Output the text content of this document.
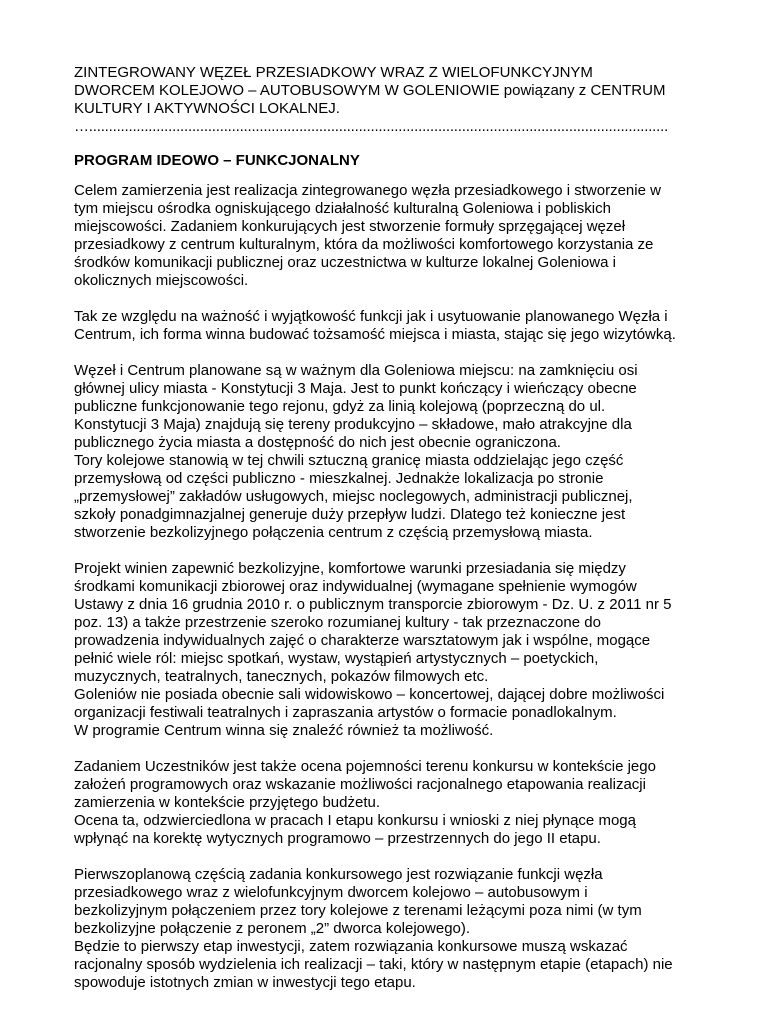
ZINTEGROWANY WĘZEŁ PRZESIADKOWY WRAZ Z WIELOFUNKCYJNYM
DWORCEM KOLEJOWO – AUTOBUSOWYM W GOLENIOWIE powiązany z CENTRUM
KULTURY I AKTYWNOŚCI LOKALNEJ.

…..................................................................................................................................................

PROGRAM IDEOWO – FUNKCJONALNY

Celem zamierzenia jest realizacja zintegrowanego węzła przesiadkowego i stworzenie w
tym miejscu ośrodka ogniskującego działalność kulturalną Goleniowa i pobliskich
miejscowości. Zadaniem konkurujących jest stworzenie formuły sprzęgającej węzeł
przesiadkowy z centrum kulturalnym, która da możliwości komfortowego korzystania ze
środków komunikacji publicznej oraz uczestnictwa w kulturze lokalnej Goleniowa i
okolicznych miejscowości.

Tak ze względu na ważność i wyjątkowość funkcji jak i usytuowanie planowanego Węzła i
Centrum, ich forma winna budować tożsamość miejsca i miasta, stając się jego wizytówką.

Węzeł i Centrum planowane są w ważnym dla Goleniowa miejscu: na zamknięciu osi
głównej ulicy miasta - Konstytucji 3 Maja. Jest to punkt kończący i wieńczący obecne
publiczne funkcjonowanie tego rejonu, gdyż za linią kolejową (poprzeczną do ul.
Konstytucji 3 Maja) znajdują się tereny produkcyjno – składowe, mało atrakcyjne dla
publicznego życia miasta a dostępność do nich jest obecnie ograniczona.
Tory kolejowe stanowią w tej chwili sztuczną granicę miasta oddzielając jego część
przemysłową od części publiczno - mieszkalnej. Jednakże lokalizacja po stronie
„przemysłowej” zakładów usługowych, miejsc noclegowych, administracji publicznej,
szkoły ponadgimnazjalnej generuje duży przepływ ludzi. Dlatego też konieczne jest
stworzenie bezkolizyjnego połączenia centrum z częścią przemysłową miasta.

Projekt winien zapewnić bezkolizyjne, komfortowe warunki przesiadania się między
środkami komunikacji zbiorowej oraz indywidualnej (wymagane spełnienie wymogów
Ustawy z dnia 16 grudnia 2010 r. o publicznym transporcie zbiorowym - Dz. U. z 2011 nr 5
poz. 13) a także przestrzenie szeroko rozumianej kultury - tak przeznaczone do
prowadzenia indywidualnych zajęć o charakterze warsztatowym jak i wspólne, mogące
pełnić wiele ról: miejsc spotkań, wystaw, wystąpień artystycznych – poetyckich,
muzycznych, teatralnych, tanecznych, pokazów filmowych etc.
Goleniów nie posiada obecnie sali widowiskowo – koncertowej, dającej dobre możliwości
organizacji festiwali teatralnych i zapraszania artystów o formacie ponadlokalnym.
W programie Centrum winna się znaleźć również ta możliwość.

Zadaniem Uczestników jest także ocena pojemności terenu konkursu w kontekście jego
założeń programowych oraz wskazanie możliwości racjonalnego etapowania realizacji
zamierzenia w kontekście przyjętego budżetu.
Ocena ta, odzwierciedlona w pracach I etapu konkursu i wnioski z niej płynące mogą
wpłynąć na korektę wytycznych programowo – przestrzennych do jego II etapu.

Pierwszoplanową częścią zadania konkursowego jest rozwiązanie funkcji węzła
przesiadkowego wraz z wielofunkcyjnym dworcem kolejowo – autobusowym i
bezkolizyjnym połączeniem przez tory kolejowe z terenami leżącymi poza nimi (w tym
bezkolizyjne połączenie z peronem „2” dworca kolejowego).
Będzie to pierwszy etap inwestycji, zatem rozwiązania konkursowe muszą wskazać
racjonalny sposób wydzielenia ich realizacji – taki, który w następnym etapie (etapach) nie
spowoduje istotnych zmian w inwestycji tego etapu.
